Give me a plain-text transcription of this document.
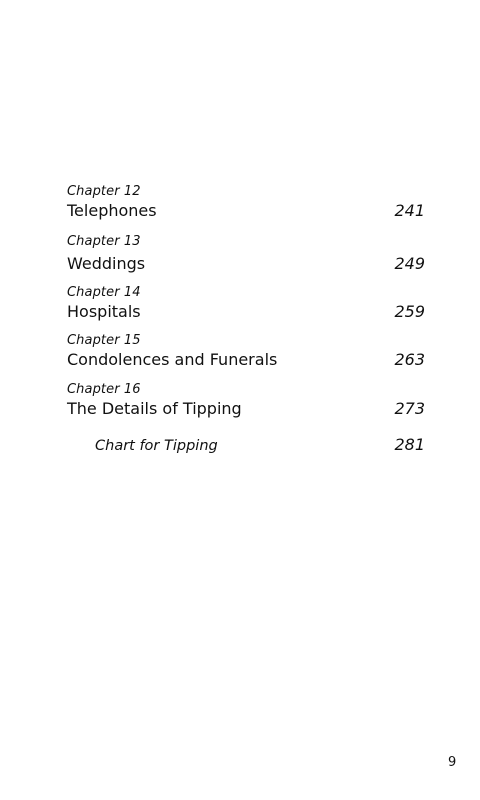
Chapter 12
Telephones	241
Chapter 13
Weddings	249
Chapter 14
Hospitals	259
Chapter 15
Condolences and Funerals	263
Chapter 16
The Details of Tipping	273
Chart for Tipping	281
9
